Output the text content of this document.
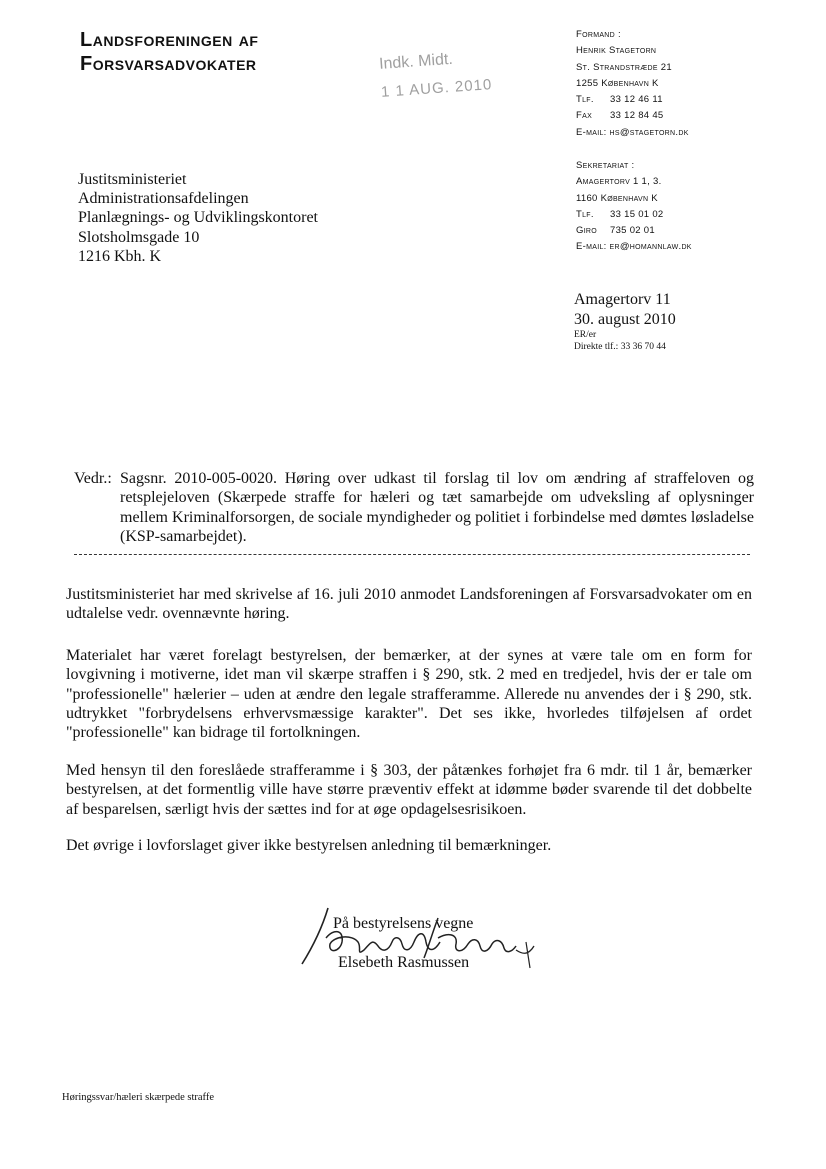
Landsforeningen af
Forsvarsadvokater	Indk. Midt.
1 1 AUG. 2010
Formand :
Henrik Stagetorn
St. Strandstræde 21
1255 København K
Tlf. 33 12 46 11
Fax 33 12 84 45
E-mail: hs@stagetorn.dk
Sekretariat :
Amagertorv 1 1, 3.
1160 København K
Tlf. 33 15 01 02
Giro 735 02 01
E-mail: er@homannlaw.dk
Justitsministeriet
Administrationsafdelingen
Planlægnings- og Udviklingskontoret
Slotsholmsgade 10
1216 Kbh. K
Amagertorv 11
30. august 2010
ER/er
Direkte tlf.: 33 36 70 44
Vedr.: Sagsnr. 2010-005-0020. Høring over udkast til forslag til lov om ændring af straffeloven og retsplejeloven (Skærpede straffe for hæleri og tæt samarbejde om udveksling af oplysninger mellem Kriminalforsorgen, de sociale myndigheder og politiet i forbindelse med dømtes løsladelse (KSP-samarbejdet).
Justitsministeriet har med skrivelse af 16. juli 2010 anmodet Landsforeningen af Forsvarsadvokater om en udtalelse vedr. ovennævnte høring.
Materialet har været forelagt bestyrelsen, der bemærker, at der synes at være tale om en form for lovgivning i motiverne, idet man vil skærpe straffen i § 290, stk. 2 med en tredjedel, hvis der er tale om "professionelle" hælerier – uden at ændre den legale strafferamme. Allerede nu anvendes der i § 290, stk. udtrykket "forbrydelsens erhvervsmæssige karakter". Det ses ikke, hvorledes tilføjelsen af ordet "professionelle" kan bidrage til fortolkningen.
Med hensyn til den foreslåede strafferamme i § 303, der påtænkes forhøjet fra 6 mdr. til 1 år, bemærker bestyrelsen, at det formentlig ville have større præventiv effekt at idømme bøder svarende til det dobbelte af besparelsen, særligt hvis der sættes ind for at øge opdagelsesrisikoen.
Det øvrige i lovforslaget giver ikke bestyrelsen anledning til bemærkninger.
På bestyrelsens vegne
Elsebeth Rasmussen
Høringssvar/hæleri skærpede straffe
